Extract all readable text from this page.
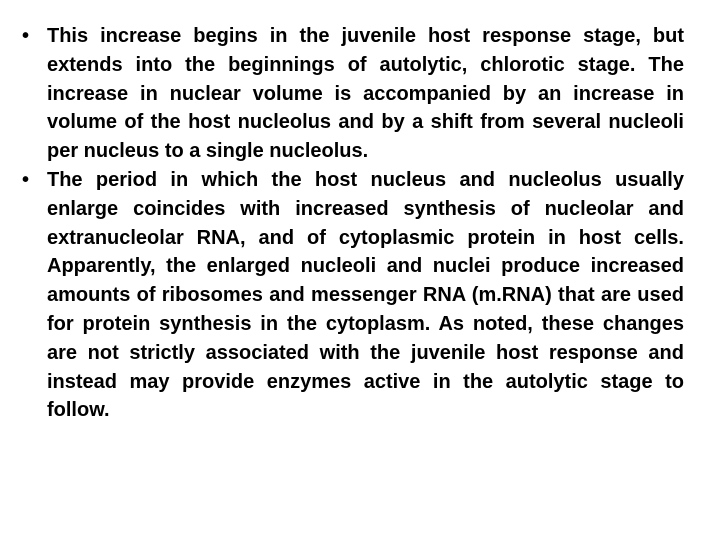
• This increase begins in the juvenile host response stage, but extends into the beginnings of autolytic, chlorotic stage. The increase in nuclear volume is accompanied by an increase in volume of the host nucleolus and by a shift from several nucleoli per nucleus to a single nucleolus.
• The period in which the host nucleus and nucleolus usually enlarge coincides with increased synthesis of nucleolar and extranucleolar RNA, and of cytoplasmic protein in host cells. Apparently, the enlarged nucleoli and nuclei produce increased amounts of ribosomes and messenger RNA (m.RNA) that are used for protein synthesis in the cytoplasm. As noted, these changes are not strictly associated with the juvenile host response and instead may provide enzymes active in the autolytic stage to follow.
